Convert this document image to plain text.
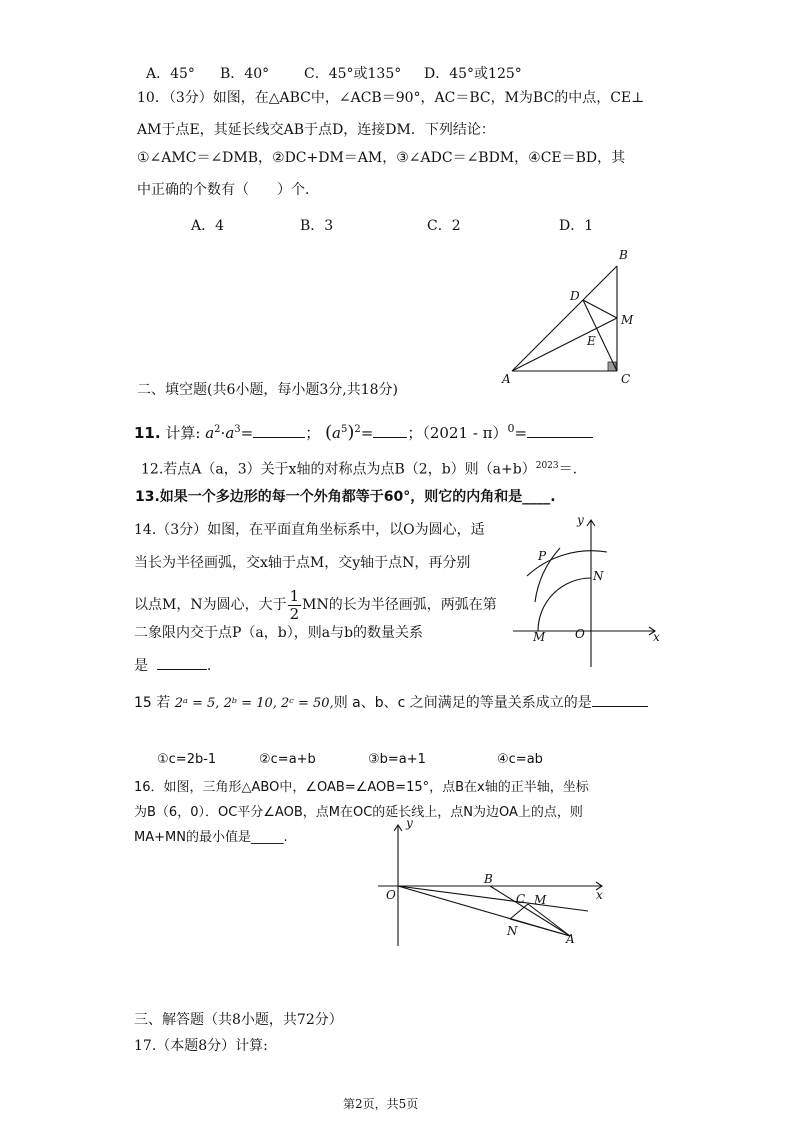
A．45° B．40° C．45°或135° D．45°或125°
10．（3分）如图，在△ABC中，∠ACB＝90°，AC＝BC，M为BC的中点，CE⊥
AM于点E，其延长线交AB于点D，连接DM．下列结论：
①∠AMC＝∠DMB，②DC+DM＝AM，③∠ADC＝∠BDM，④CE＝BD，其
中正确的个数有（　　）个．
A．4	B．3	C．2	D．1
B
D
M
E
A	C
二、填空题(共6小题，每小题3分,共18分)
11. 计算: $a^2\cdot a^3=$	； $(a^5)^2=$ ；（2021 - π）$^0$=
12.若点A（a，3）关于x轴的对称点为点B（2，b）则$(a+b)^{2023}=$.
13.如果一个多边形的每一个外角都等于60°，则它的内角和是____.
14.（3分）如图，在平面直角坐标系中，以O为圆心，适
当长为半径画弧，交x轴于点M，交y轴于点N，再分别
以点M，N为圆心，大于 $\frac{1}{2}$ MN的长为半径画弧，两弧在第
二象限内交于点P（a，b），则a与b的数量关系
是	.
y
x
P
N
M O
15 若 2ᵃ = 5, 2ᵇ = 10, 2ᶜ = 50,则 a、b、c 之间满足的等量关系成立的是
①c=2b-1	②c=a+b	③b=a+1	④c=ab
16．如图，三角形△ABO中，∠OAB=∠AOB=15°，点B在x轴的正半轴，坐标
为B（6，0）．OC平分∠AOB，点M在OC的延长线上，点N为边OA上的点，则
MA+MN的最小值是_____.
y
x
O
B
C M
N
A
三、解答题（共8小题，共72分）
17.（本题8分）计算:
第2页，共5页
